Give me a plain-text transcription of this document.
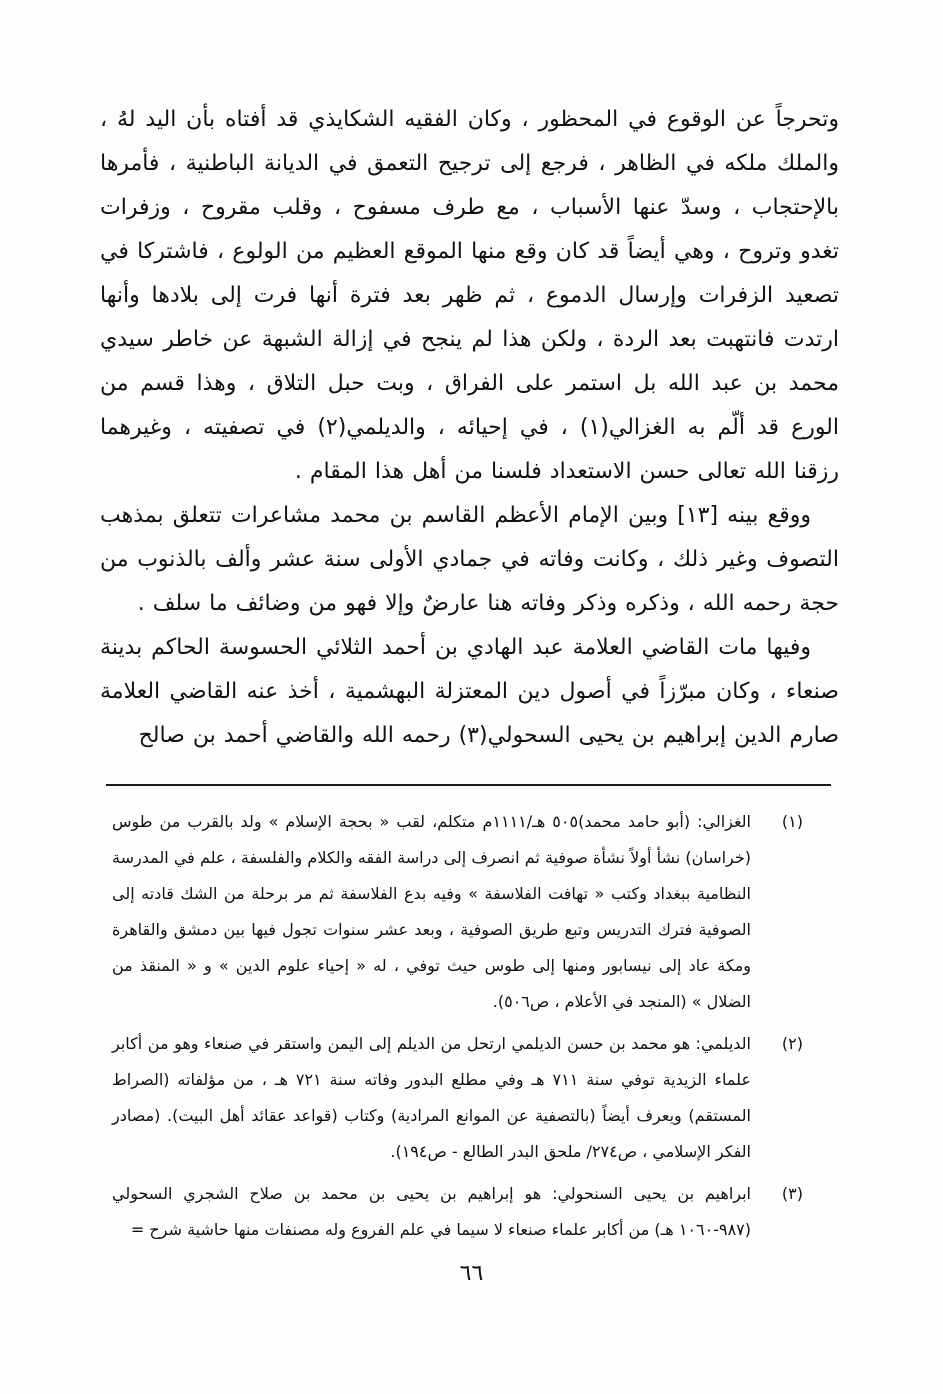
وتحرجاً عن الوقوع في المحظور ، وكان الفقيه الشكايذي قد أفتاه بأن اليد لهُ ، والملك ملكه في الظاهر ، فرجع إلى ترجيح التعمق في الديانة الباطنية ، فأمرها بالإحتجاب ، وسدّ عنها الأسباب ، مع طرف مسفوح ، وقلب مقروح ، وزفرات تغدو وتروح ، وهي أيضاً قد كان وقع منها الموقع العظيم من الولوع ، فاشتركا في تصعيد الزفرات وإرسال الدموع ، ثم ظهر بعد فترة أنها فرت إلى بلادها وأنها ارتدت فانتهبت بعد الردة ، ولكن هذا لم ينجح في إزالة الشبهة عن خاطر سيدي محمد بن عبد الله بل استمر على الفراق ، وبت حبل التلاق ، وهذا قسم من الورع قد ألّم به الغزالي(١) ، في إحيائه ، والديلمي(٢) في تصفيته ، وغيرهما رزقنا الله تعالى حسن الاستعداد فلسنا من أهل هذا المقام .

ووقع بينه [١٣] وبين الإمام الأعظم القاسم بن محمد مشاعرات تتعلق بمذهب التصوف وغير ذلك ، وكانت وفاته في جمادي الأولى سنة عشر وألف بالذنوب من حجة رحمه الله ، وذكره وذكر وفاته هنا عارضٌ وإلا فهو من وضائف ما سلف .

وفيها مات القاضي العلامة عبد الهادي بن أحمد الثلائي الحسوسة الحاكم بدينة صنعاء ، وكان مبرّزاً في أصول دين المعتزلة البهشمية ، أخذ عنه القاضي العلامة صارم الدين إبراهيم بن يحيى السحولي(٣) رحمه الله والقاضي أحمد بن صالح

(١)
الغزالي: (أبو حامد محمد)٥٠٥ هـ/١١١١م متكلم، لقب « بحجة الإسلام » ولد بالقرب من طوس (خراسان) نشأ أولاً نشأة صوفية ثم انصرف إلى دراسة الفقه والكلام والفلسفة ، علم في المدرسة النظامية ببغداد وكتب « تهافت الفلاسفة » وفيه بدع الفلاسفة ثم مر برحلة من الشك قادته إلى الصوفية فترك التدريس وتبع طريق الصوفية ، وبعد عشر سنوات تجول فيها بين دمشق والقاهرة ومكة عاد إلى نيسابور ومنها إلى طوس حيث توفي ، له « إحياء علوم الدين » و « المنقذ من الضلال » (المنجد في الأعلام ، ص٥٠٦).
(٢)
الديلمي: هو محمد بن حسن الديلمي ارتحل من الديلم إلى اليمن واستقر في صنعاء وهو من أكابر علماء الزيدية توفي سنة ٧١١ هـ وفي مطلع البدور وفاته سنة ٧٢١ هـ ، من مؤلفاته (الصراط المستقم) ويعرف أيضاً (بالتصفية عن الموانع المرادية) وكتاب (قواعد عقائد أهل البيت). (مصادر الفكر الإسلامي ، ص٢٧٤/ ملحق البدر الطالع - ص١٩٤).
(٣)
ابراهيم بن يحيى السنحولي: هو إبراهيم بن يحيى بن محمد بن صلاح الشجري السحولي (٩٨٧-١٠٦٠ هـ) من أكابر علماء صنعاء لا سيما في علم الفروع وله مصنفات منها حاشية شرح =
٦٦
